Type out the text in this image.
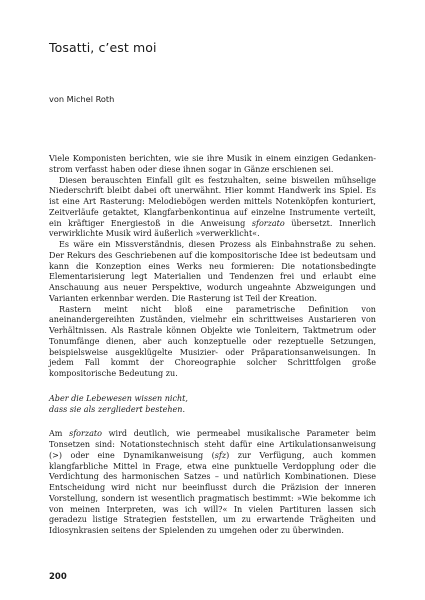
Tosatti, c’est moi
von Michel Roth

Viele Komponisten berichten, wie sie ihre Musik in einem einzigen Gedankenstrom verfasst haben oder diese ihnen sogar in Gänze erschienen sei.

Diesen berauschten Einfall gilt es festzuhalten, seine bisweilen mühselige Niederschrift bleibt dabei oft unerwähnt. Hier kommt Handwerk ins Spiel. Es ist eine Art Rasterung: Melodiebögen werden mittels Notenköpfen konturiert, Zeitverläufe getaktet, Klangfarbenkontinua auf einzelne Instrumente verteilt, ein kräftiger Energiestoß in die Anweisung sforzato übersetzt. Innerlich verwirklichte Musik wird äußerlich »verwerklicht«.

Es wäre ein Missverständnis, diesen Prozess als Einbahnstraße zu sehen. Der Rekurs des Geschriebenen auf die kompositorische Idee ist bedeutsam und kann die Konzeption eines Werks neu formieren: Die notationsbedingte Elementarisierung legt Materialien und Tendenzen frei und erlaubt eine Anschauung aus neuer Perspektive, wodurch ungeahnte Abzweigungen und Varianten erkennbar werden. Die Rasterung ist Teil der Kreation.

Rastern meint nicht bloß eine parametrische Definition von aneinandergereihten Zuständen, vielmehr ein schrittweises Austarieren von Verhältnissen. Als Rastrale können Objekte wie Tonleitern, Taktmetrum oder Tonumfänge dienen, aber auch konzeptuelle oder rezeptuelle Setzungen, beispielsweise ausgeklügelte Musizier- oder Präparationsanweisungen. In jedem Fall kommt der Choreographie solcher Schrittfolgen große kompositorische Bedeutung zu.

Aber die Lebewesen wissen nicht,
dass sie als zergliedert bestehen.

Am sforzato wird deutlich, wie permeabel musikalische Parameter beim Tonsetzen sind: Notationstechnisch steht dafür eine Artikulationsanweisung (>) oder eine Dynamikanweisung (sfz) zur Verfügung, auch kommen klangfarbliche Mittel in Frage, etwa eine punktuelle Verdopplung oder die Verdichtung des harmonischen Satzes – und natürlich Kombinationen. Diese Entscheidung wird nicht nur beeinflusst durch die Präzision der inneren Vorstellung, sondern ist wesentlich pragmatisch bestimmt: »Wie bekomme ich von meinen Interpreten, was ich will?« In vielen Partituren lassen sich geradezu listige Strategien feststellen, um zu erwartende Trägheiten und Idiosynkrasien seitens der Spielenden zu umgehen oder zu überwinden.

200
